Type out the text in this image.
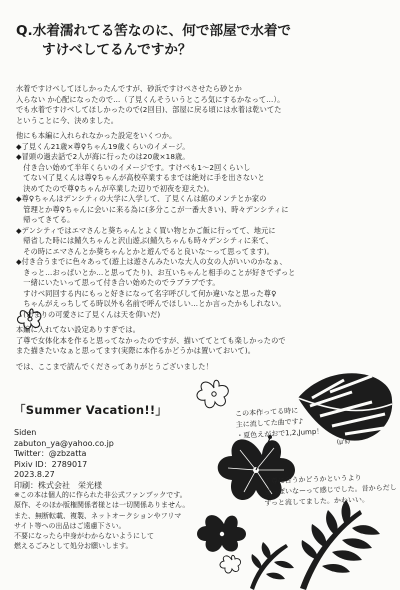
Q.水着濡れてる筈なのに、何で部屋で水着で
すけべしてるんですか？
水着ですけべしてほしかったんですが、砂浜ですけべさせたら砂とか
入らない か心配になったので…（了見くんそういうところ気にするかなって…）。
でも水着ですけべしてほしかったので(2回目)、部屋に戻る頃には水着は乾いてた
ということに今、決めました。
他にも本編に入れられなかった設定をいくつか。
◆了見くん21歳×尊♀ちゃん19歳くらいのイメージ。
◆冒頭の過去話で2人が海に行ったのは20歳×18歳。
　付き合い始めて半年くらいのイメージです。すけべも1〜2回くらいし
　てない(了見くんは尊♀ちゃんが高校卒業するまでは絶対に手を出さないと
　決めてたので尊♀ちゃんが卒業した辺りで初夜を迎えた)。
◆尊♀ちゃんはデンシティの大学に入学して、了見くんは館のメンテとか家の
　管理とか尊♀ちゃんに会いに来る為に(多分ここが一番大きい)、時々デンシティに
　帰ってきてる。
◆デンシティではエマさんと葵ちゃんとよく買い物とかご飯に行ってて、地元に
　帰省した時には鯖久ちゃんと沢山遊ぶ(鯖久ちゃんも時々デンシティに来て、
　その時にエマさんとか葵ちゃんとかと遊んでると良いな〜って思ってます)。
◆付き合うまでに色々あって(遊上は遊さんみたいな大人の女の人がいいのかなぁ、
　きっと…おっぱいとか…と思ってたり)、お互いちゃんと相手のことが好きでずっと
　一緒にいたいって思って付き合い始めたのでラブラブです。
　すけべ同回する内にもっと好きになって名字呼びして何か違いなと思った尊♀
　ちゃんがえっちしてる時以外も名前で呼んでほしい…とか言ったかもしれない。
　(あまりの可愛さに了見くんは天を仰いだ)
本編に入れてない設定ありすぎでは。
了尊で女体化本を作ると思ってなかったのですが、描いててとても楽しかったので
また描きたいなぁと思ってます(実際に本作るかどうかは置いておいて)。
では、ここまで読んでくださってありがとうございました！
「Summer Vacation!!」
Siden
zabuton_ya@yahoo.co.jp
Twitter：@zbzatta
Pixiv ID：2789017
2023.8.27
印刷：株式会社　栄光様
※この本は個人的に作られた非公式ファンブックです。
原作、そのほか版権関係者様とは一切関係ありません。
また、無断転載、複製、ネットオークションやフリマ
サイト等への出品はご遠慮下さい。
不要になったら中身がわからないようにして
燃えるごみとして処分お願いします。
この本作ってる時に
主に流してた曲です♪
・夏色えがおで1,2,Jump！
(μ's)
了尊に合うかどうかというより
夏っぽいなーって感じでした。昔からだし
ずっと流してました。かわいい。
